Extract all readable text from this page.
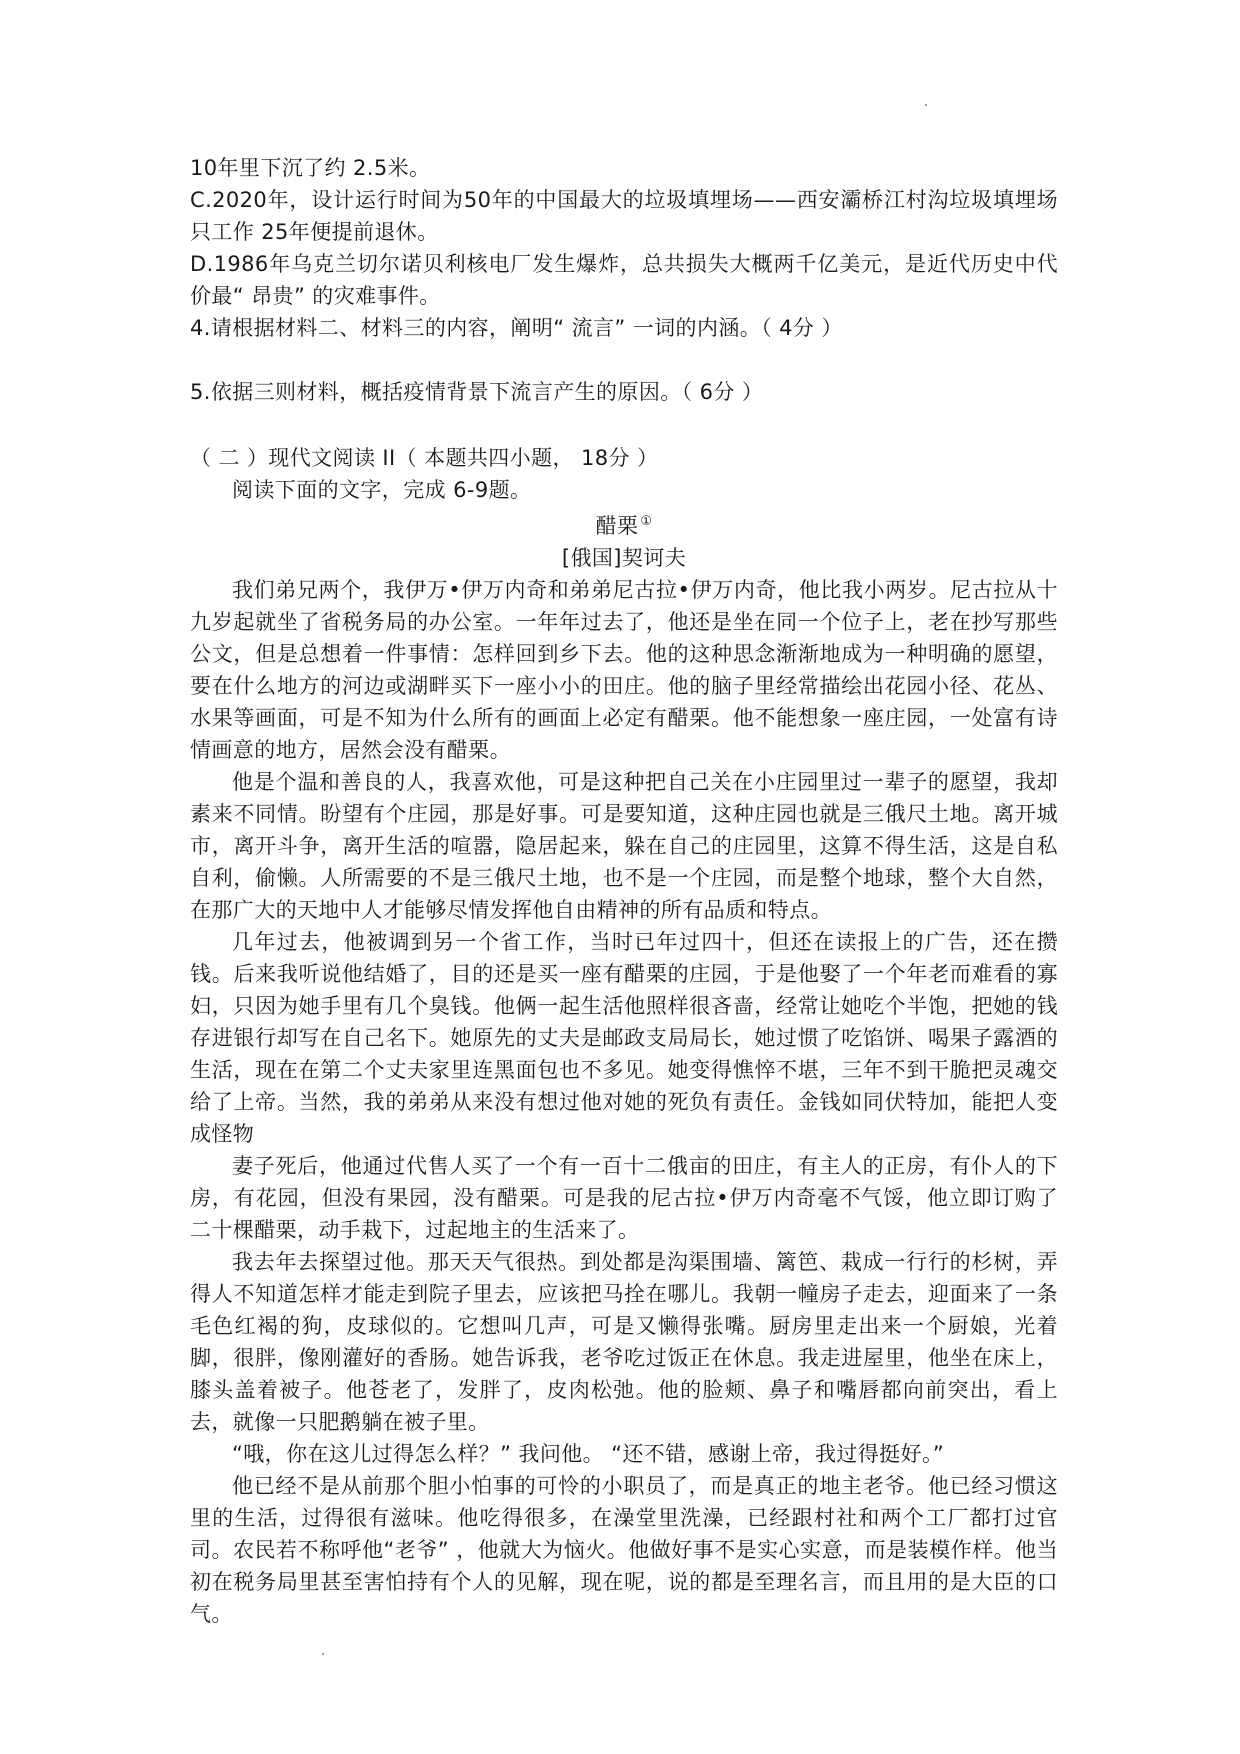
10年里下沉了约 2.5米。

C.2020年，设计运行时间为50年的中国最大的垃圾填埋场——西安灞桥江村沟垃圾填埋场只工作 25年便提前退休。

D.1986年乌克兰切尔诺贝利核电厂发生爆炸，总共损失大概两千亿美元，是近代历史中代价最“ 昂贵” 的灾难事件。

4.请根据材料二、材料三的内容，阐明“ 流言” 一词的内涵。（ 4分 ）

5.依据三则材料，概括疫情背景下流言产生的原因。（ 6分 ）

（ 二 ）现代文阅读 II（ 本题共四小题， 18分 ）

阅读下面的文字，完成 6-9题。

醋栗 ①

[俄国]契诃夫

我们弟兄两个，我伊万•伊万内奇和弟弟尼古拉•伊万内奇，他比我小两岁。尼古拉从十九岁起就坐了省税务局的办公室。一年年过去了，他还是坐在同一个位子上，老在抄写那些公文，但是总想着一件事情：怎样回到乡下去。他的这种思念渐渐地成为一种明确的愿望，要在什么地方的河边或湖畔买下一座小小的田庄。他的脑子里经常描绘出花园小径、花丛、水果等画面，可是不知为什么所有的画面上必定有醋栗。他不能想象一座庄园，一处富有诗情画意的地方，居然会没有醋栗。

他是个温和善良的人，我喜欢他，可是这种把自己关在小庄园里过一辈子的愿望，我却素来不同情。盼望有个庄园，那是好事。可是要知道，这种庄园也就是三俄尺土地。离开城市，离开斗争，离开生活的喧嚣，隐居起来，躲在自己的庄园里，这算不得生活，这是自私自利，偷懒。人所需要的不是三俄尺土地，也不是一个庄园，而是整个地球，整个大自然，在那广大的天地中人才能够尽情发挥他自由精神的所有品质和特点。

几年过去，他被调到另一个省工作，当时已年过四十，但还在读报上的广告，还在攒钱。后来我听说他结婚了，目的还是买一座有醋栗的庄园，于是他娶了一个年老而难看的寡妇，只因为她手里有几个臭钱。他俩一起生活他照样很吝啬，经常让她吃个半饱，把她的钱存进银行却写在自己名下。她原先的丈夫是邮政支局局长，她过惯了吃馅饼、喝果子露酒的生活，现在在第二个丈夫家里连黑面包也不多见。她变得憔悴不堪，三年不到干脆把灵魂交给了上帝。当然，我的弟弟从来没有想过他对她的死负有责任。金钱如同伏特加，能把人变成怪物

妻子死后，他通过代售人买了一个有一百十二俄亩的田庄，有主人的正房，有仆人的下房，有花园，但没有果园，没有醋栗。可是我的尼古拉•伊万内奇毫不气馁，他立即订购了二十棵醋栗，动手栽下，过起地主的生活来了。

我去年去探望过他。那天天气很热。到处都是沟渠围墙、篱笆、栽成一行行的杉树，弄得人不知道怎样才能走到院子里去，应该把马拴在哪儿。我朝一幢房子走去，迎面来了一条毛色红褐的狗，皮球似的。它想叫几声，可是又懒得张嘴。厨房里走出来一个厨娘，光着脚，很胖，像刚灌好的香肠。她告诉我，老爷吃过饭正在休息。我走进屋里，他坐在床上，膝头盖着被子。他苍老了，发胖了，皮肉松弛。他的脸颊、鼻子和嘴唇都向前突出，看上去，就像一只肥鹅躺在被子里。

“哦，你在这儿过得怎么样？” 我问他。 “还不错，感谢上帝，我过得挺好。”

他已经不是从前那个胆小怕事的可怜的小职员了，而是真正的地主老爷。他已经习惯这里的生活，过得很有滋味。他吃得很多，在澡堂里洗澡，已经跟村社和两个工厂都打过官司。农民若不称呼他“老爷” ，他就大为恼火。他做好事不是实心实意，而是装模作样。他当初在税务局里甚至害怕持有个人的见解，现在呢，说的都是至理名言，而且用的是大臣的口气。
